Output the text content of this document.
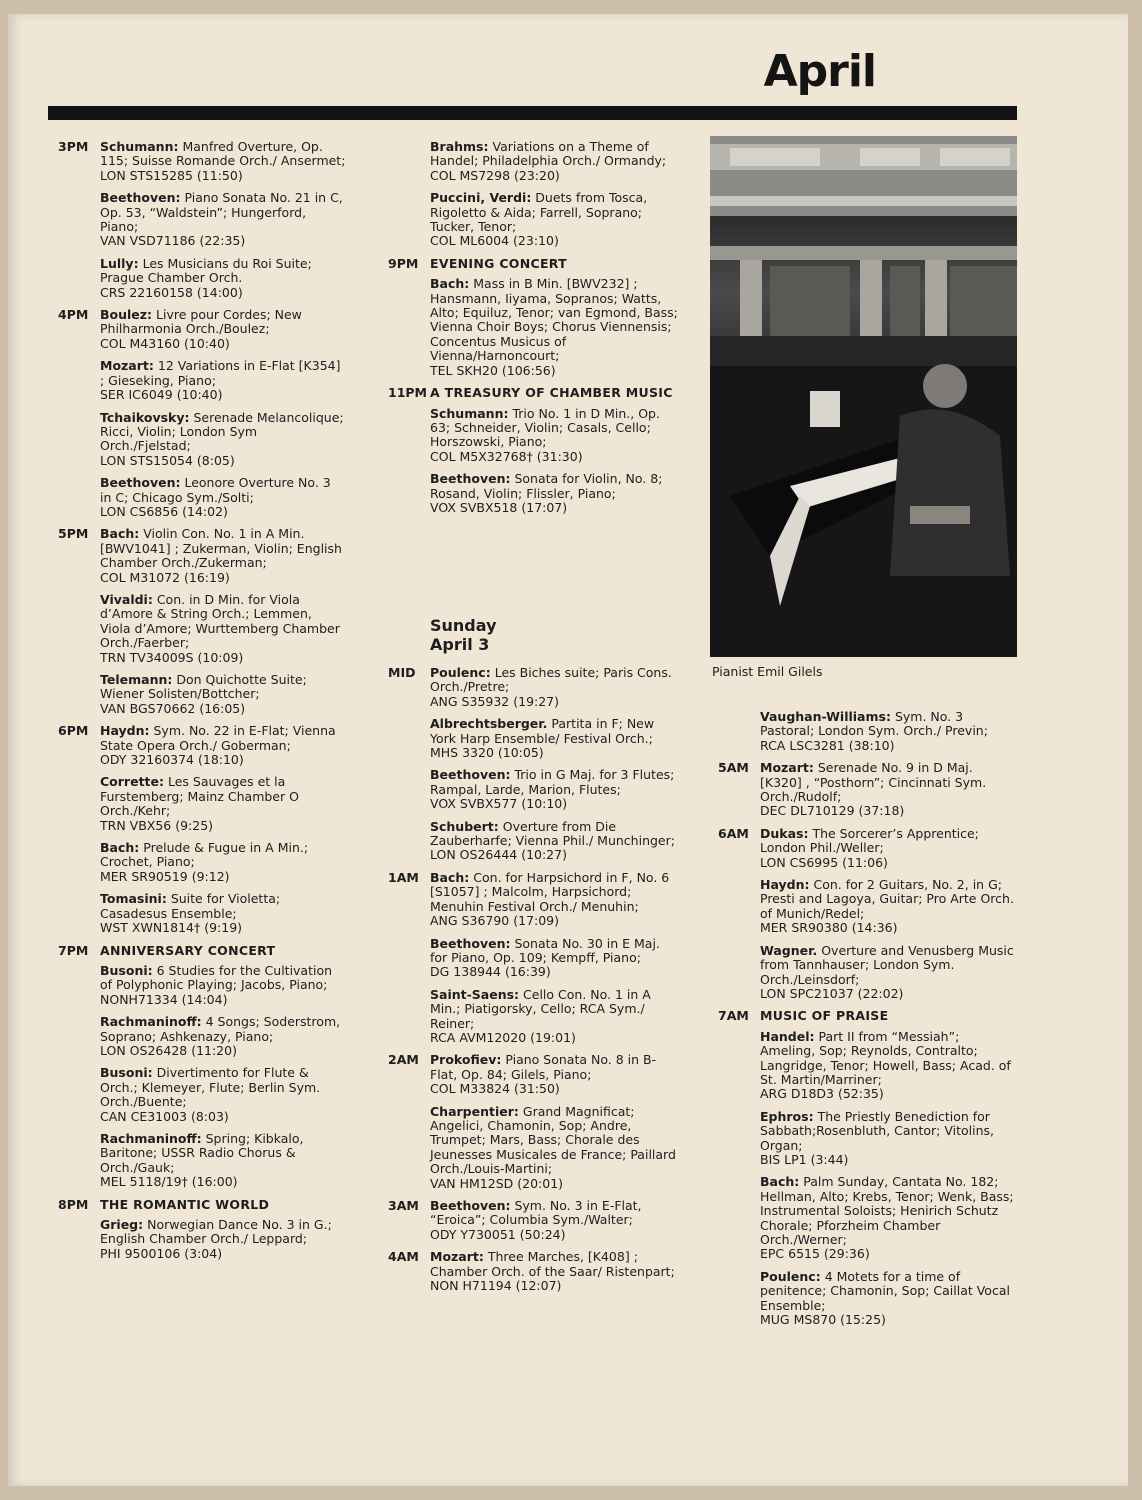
April
3PM Schumann: Manfred Overture, Op. 115; Suisse Romande Orch./ Ansermet;
LON STS15285 (11:50)
Beethoven: Piano Sonata No. 21 in C, Op. 53, “Waldstein”; Hungerford, Piano;
VAN VSD71186 (22:35)
Lully: Les Musicians du Roi Suite; Prague Chamber Orch.
CRS 22160158 (14:00)
4PM Boulez: Livre pour Cordes; New Philharmonia Orch./Boulez;
COL M43160 (10:40)
Mozart: 12 Variations in E-Flat [K354] ; Gieseking, Piano;
SER IC6049 (10:40)
Tchaikovsky: Serenade Melancolique; Ricci, Violin; London Sym Orch./Fjelstad;
LON STS15054 (8:05)
Beethoven: Leonore Overture No. 3 in C; Chicago Sym./Solti;
LON CS6856 (14:02)
5PM Bach: Violin Con. No. 1 in A Min. [BWV1041] ; Zukerman, Violin; English Chamber Orch./Zukerman;
COL M31072 (16:19)
Vivaldi: Con. in D Min. for Viola d’Amore & String Orch.; Lemmen, Viola d’Amore; Wurttemberg Chamber Orch./Faerber;
TRN TV34009S (10:09)
Telemann: Don Quichotte Suite; Wiener Solisten/Bottcher;
VAN BGS70662 (16:05)
6PM Haydn: Sym. No. 22 in E-Flat; Vienna State Opera Orch./ Goberman;
ODY 32160374 (18:10)
Corrette: Les Sauvages et la Furstemberg; Mainz Chamber O Orch./Kehr;
TRN VBX56 (9:25)
Bach: Prelude & Fugue in A Min.; Crochet, Piano;
MER SR90519 (9:12)
Tomasini: Suite for Violetta; Casadesus Ensemble;
WST XWN1814† (9:19)
7PM ANNIVERSARY CONCERT
Busoni: 6 Studies for the Cultivation of Polyphonic Playing; Jacobs, Piano;
NONH71334 (14:04)
Rachmaninoff: 4 Songs; Soderstrom, Soprano; Ashkenazy, Piano;
LON OS26428 (11:20)
Busoni: Divertimento for Flute & Orch.; Klemeyer, Flute; Berlin Sym. Orch./Buente;
CAN CE31003 (8:03)
Rachmaninoff: Spring; Kibkalo, Baritone; USSR Radio Chorus & Orch./Gauk;
MEL 5118/19† (16:00)
8PM THE ROMANTIC WORLD
Grieg: Norwegian Dance No. 3 in G.; English Chamber Orch./ Leppard;
PHI 9500106 (3:04)
Brahms: Variations on a Theme of Handel; Philadelphia Orch./ Ormandy;
COL MS7298 (23:20)
Puccini, Verdi: Duets from Tosca, Rigoletto & Aida; Farrell, Soprano; Tucker, Tenor;
COL ML6004 (23:10)
9PM EVENING CONCERT
Bach: Mass in B Min. [BWV232] ; Hansmann, Iiyama, Sopranos; Watts, Alto; Equiluz, Tenor; van Egmond, Bass; Vienna Choir Boys; Chorus Viennensis; Concentus Musicus of Vienna/Harnoncourt;
TEL SKH20 (106:56)
11PM A TREASURY OF CHAMBER MUSIC
Schumann: Trio No. 1 in D Min., Op. 63; Schneider, Violin; Casals, Cello; Horszowski, Piano;
COL M5X32768† (31:30)
Beethoven: Sonata for Violin, No. 8; Rosand, Violin; Flissler, Piano;
VOX SVBX518 (17:07)
Sunday
April 3
MID Poulenc: Les Biches suite; Paris Cons. Orch./Pretre;
ANG S35932 (19:27)
Albrechtsberger. Partita in F; New York Harp Ensemble/ Festival Orch.;
MHS 3320 (10:05)
Beethoven: Trio in G Maj. for 3 Flutes; Rampal, Larde, Marion, Flutes;
VOX SVBX577 (10:10)
Schubert: Overture from Die Zauberharfe; Vienna Phil./ Munchinger;
LON OS26444 (10:27)
1AM Bach: Con. for Harpsichord in F, No. 6 [S1057] ; Malcolm, Harpsichord; Menuhin Festival Orch./ Menuhin;
ANG S36790 (17:09)
Beethoven: Sonata No. 30 in E Maj. for Piano, Op. 109; Kempff, Piano;
DG 138944 (16:39)
Saint-Saens: Cello Con. No. 1 in A Min.; Piatigorsky, Cello; RCA Sym./ Reiner;
RCA AVM12020 (19:01)
2AM Prokofiev: Piano Sonata No. 8 in B-Flat, Op. 84; Gilels, Piano;
COL M33824 (31:50)
Charpentier: Grand Magnificat; Angelici, Chamonin, Sop; Andre, Trumpet; Mars, Bass; Chorale des Jeunesses Musicales de France; Paillard Orch./Louis-Martini;
VAN HM12SD (20:01)
3AM Beethoven: Sym. No. 3 in E-Flat, “Eroica”; Columbia Sym./Walter;
ODY Y730051 (50:24)
4AM Mozart: Three Marches, [K408] ; Chamber Orch. of the Saar/ Ristenpart;
NON H71194 (12:07)
Pianist Emil Gilels
Vaughan-Williams: Sym. No. 3 Pastoral; London Sym. Orch./ Previn;
RCA LSC3281 (38:10)
5AM Mozart: Serenade No. 9 in D Maj. [K320] , “Posthorn”; Cincinnati Sym. Orch./Rudolf;
DEC DL710129 (37:18)
6AM Dukas: The Sorcerer’s Apprentice; London Phil./Weller;
LON CS6995 (11:06)
Haydn: Con. for 2 Guitars, No. 2, in G; Presti and Lagoya, Guitar; Pro Arte Orch. of Munich/Redel;
MER SR90380 (14:36)
Wagner. Overture and Venusberg Music from Tannhauser; London Sym. Orch./Leinsdorf;
LON SPC21037 (22:02)
7AM MUSIC OF PRAISE
Handel: Part II from “Messiah”; Ameling, Sop; Reynolds, Contralto; Langridge, Tenor; Howell, Bass; Acad. of St. Martin/Marriner;
ARG D18D3 (52:35)
Ephros: The Priestly Benediction for Sabbath;Rosenbluth, Cantor; Vitolins, Organ;
BIS LP1 (3:44)
Bach: Palm Sunday, Cantata No. 182; Hellman, Alto; Krebs, Tenor; Wenk, Bass; Instrumental Soloists; Henirich Schutz Chorale; Pforzheim Chamber Orch./Werner;
EPC 6515 (29:36)
Poulenc: 4 Motets for a time of penitence; Chamonin, Sop; Caillat Vocal Ensemble;
MUG MS870 (15:25)
